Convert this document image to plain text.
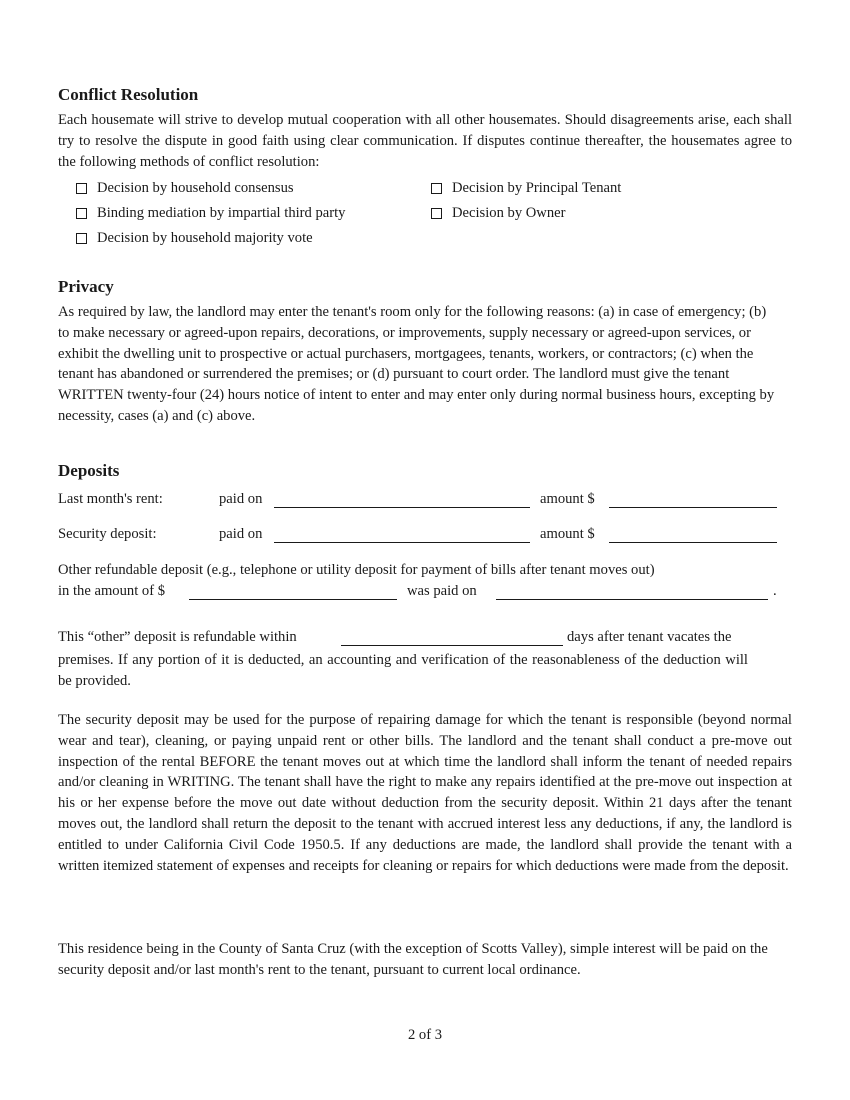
Conflict Resolution

Each housemate will strive to develop mutual cooperation with all other housemates. Should disagreements arise, each shall try to resolve the dispute in good faith using clear communication. If disputes continue thereafter, the housemates agree to the following methods of conflict resolution:

Decision by household consensus
Binding mediation by impartial third party
Decision by household majority vote
Decision by Principal Tenant
Decision by Owner
Privacy

As required by law, the landlord may enter the tenant's room only for the following reasons: (a) in case of emergency; (b) to make necessary or agreed-upon repairs, decorations, or improvements, supply necessary or agreed-upon services, or exhibit the dwelling unit to prospective or actual purchasers, mortgagees, tenants, workers, or contractors; (c) when the tenant has abandoned or surrendered the premises; or (d) pursuant to court order. The landlord must give the tenant WRITTEN twenty-four (24) hours notice of intent to enter and may enter only during normal business hours, excepting by necessity, cases (a) and (c) above.

Deposits
Last month's rent:	paid on	amount $
Security deposit:	paid on	amount $
Other refundable deposit (e.g., telephone or utility deposit for payment of bills after tenant moves out)
in the amount of $	was paid on	.
This “other” deposit is refundable within	days after tenant vacates the

premises. If any portion of it is deducted, an accounting and verification of the reasonableness of the deduction will be provided.

The security deposit may be used for the purpose of repairing damage for which the tenant is responsible (beyond normal wear and tear), cleaning, or paying unpaid rent or other bills. The landlord and the tenant shall conduct a pre-move out inspection of the rental BEFORE the tenant moves out at which time the landlord shall inform the tenant of needed repairs and/or cleaning in WRITING. The tenant shall have the right to make any repairs identified at the pre-move out inspection at his or her expense before the move out date without deduction from the security deposit. Within 21 days after the tenant moves out, the landlord shall return the deposit to the tenant with accrued interest less any deductions, if any, the landlord is entitled to under California Civil Code 1950.5. If any deductions are made, the landlord shall provide the tenant with a written itemized statement of expenses and receipts for cleaning or repairs for which deductions were made from the deposit.

This residence being in the County of Santa Cruz (with the exception of Scotts Valley), simple interest will be paid on the security deposit and/or last month's rent to the tenant, pursuant to current local ordinance.

2 of 3
